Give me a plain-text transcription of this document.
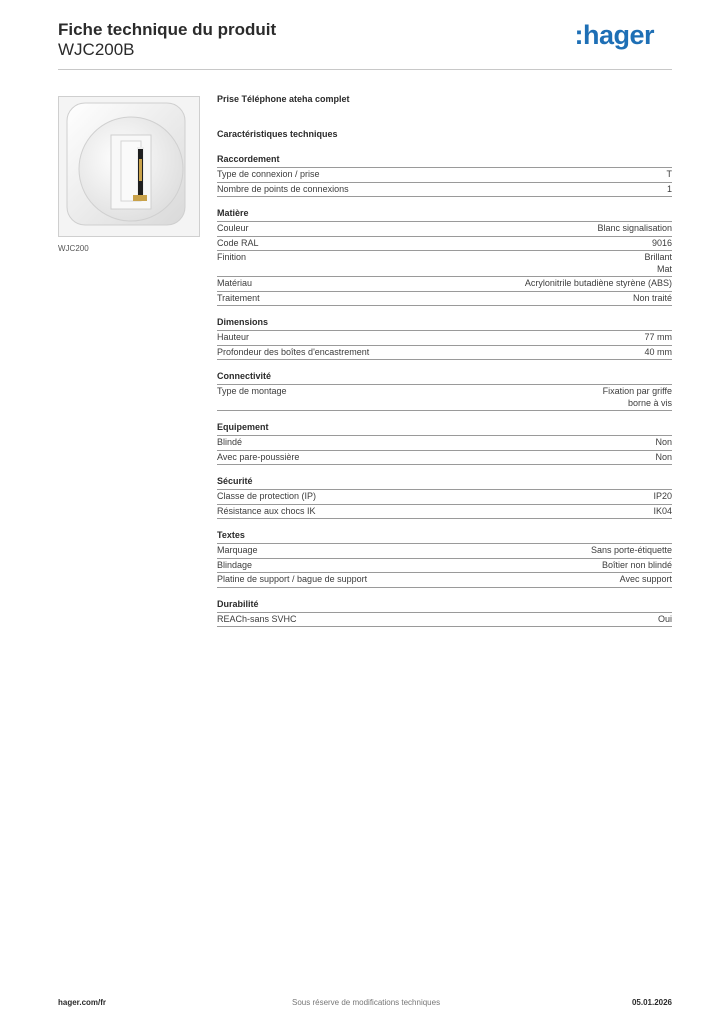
Fiche technique du produit
WJC200B	:hager
WJC200
Prise Téléphone ateha complet
Caractéristiques techniques
Raccordement
Type de connexion / prise	T
Nombre de points de connexions	1
Matière
Couleur	Blanc signalisation
Code RAL	9016
Finition	Brillant
Mat
Matériau	Acrylonitrile butadiène styrène (ABS)
Traitement	Non traité
Dimensions
Hauteur	77 mm
Profondeur des boîtes d'encastrement	40 mm
Connectivité
Type de montage	Fixation par griffe
borne à vis
Equipement
Blindé	Non
Avec pare-poussière	Non
Sécurité
Classe de protection (IP)	IP20
Résistance aux chocs IK	IK04
Textes
Marquage	Sans porte-étiquette
Blindage	Boîtier non blindé
Platine de support / bague de support	Avec support
Durabilité
REACh-sans SVHC	Oui
hager.com/fr	Sous réserve de modifications techniques	05.01.2026
